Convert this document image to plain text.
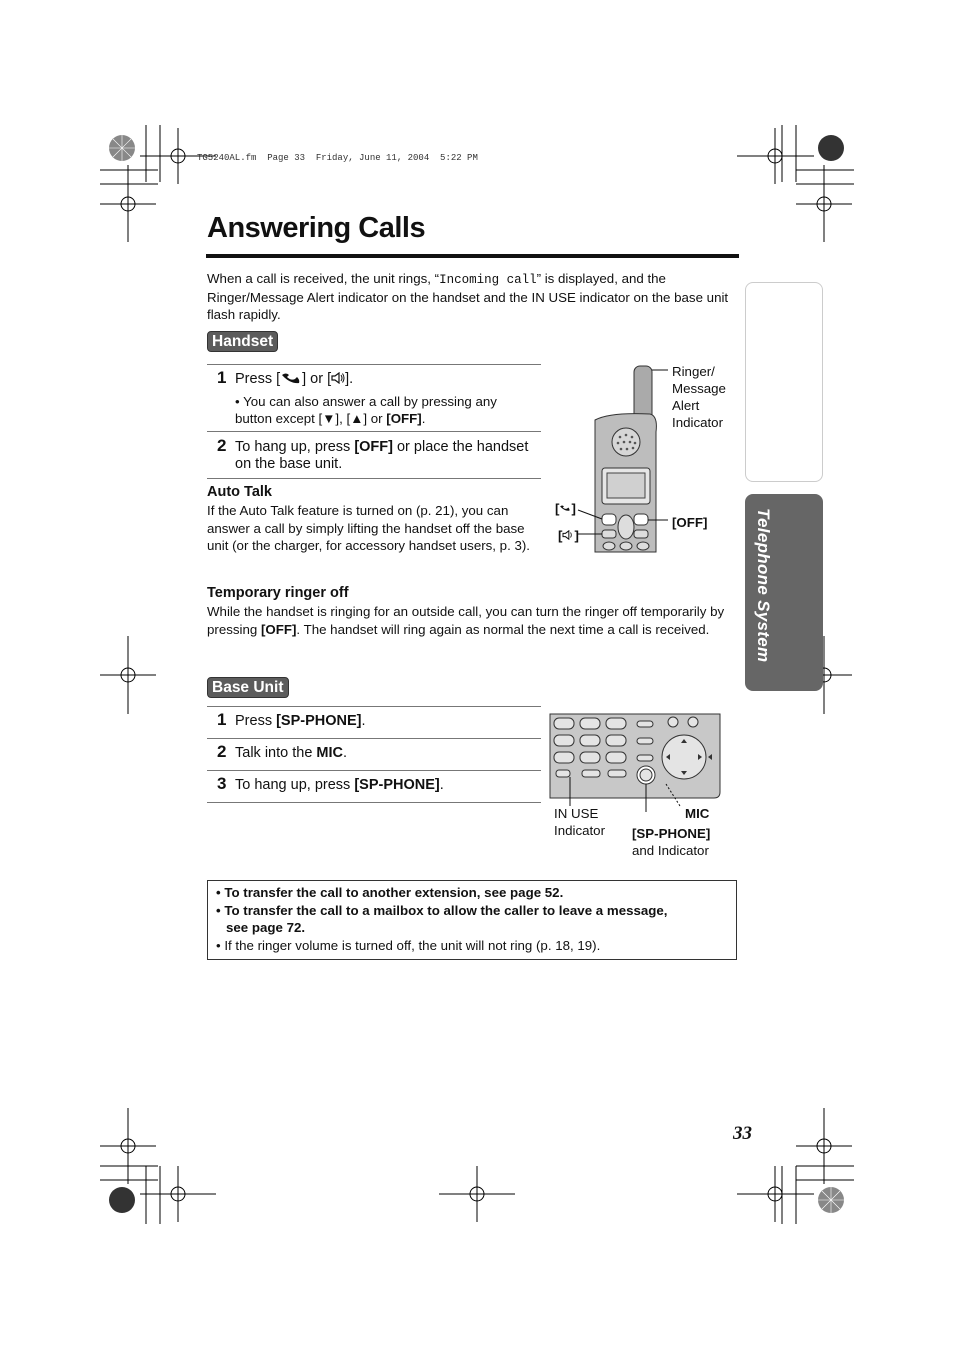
TG5240AL.fm  Page 33  Friday, June 11, 2004  5:22 PM
Answering Calls
When a call is received, the unit rings, “Incoming call” is displayed, and the Ringer/Message Alert indicator on the handset and the IN USE indicator on the base unit flash rapidly.
Handset
1 Press [ ] or [ ].
• You can also answer a call by pressing any button except [▼], [▲] or [OFF].
2 To hang up, press [OFF] or place the handset on the base unit.
Auto Talk
If the Auto Talk feature is turned on (p. 21), you can answer a call by simply lifting the handset off the base unit (or the charger, for accessory handset users, p. 3).
Temporary ringer off
While the handset is ringing for an outside call, you can turn the ringer off temporarily by pressing [OFF]. The handset will ring again as normal the next time a call is received.
Ringer/
Message
Alert
Indicator
[OFF]
[ ]
[ ]
Base Unit
1 Press [SP-PHONE].
2 Talk into the MIC.
3 To hang up, press [SP-PHONE].
IN USE
Indicator
MIC
[SP-PHONE]
and Indicator
• To transfer the call to another extension, see page 52.
• To transfer the call to a mailbox to allow the caller to leave a message,
see page 72.
• If the ringer volume is turned off, the unit will not ring (p. 18, 19).
Telephone System
33
